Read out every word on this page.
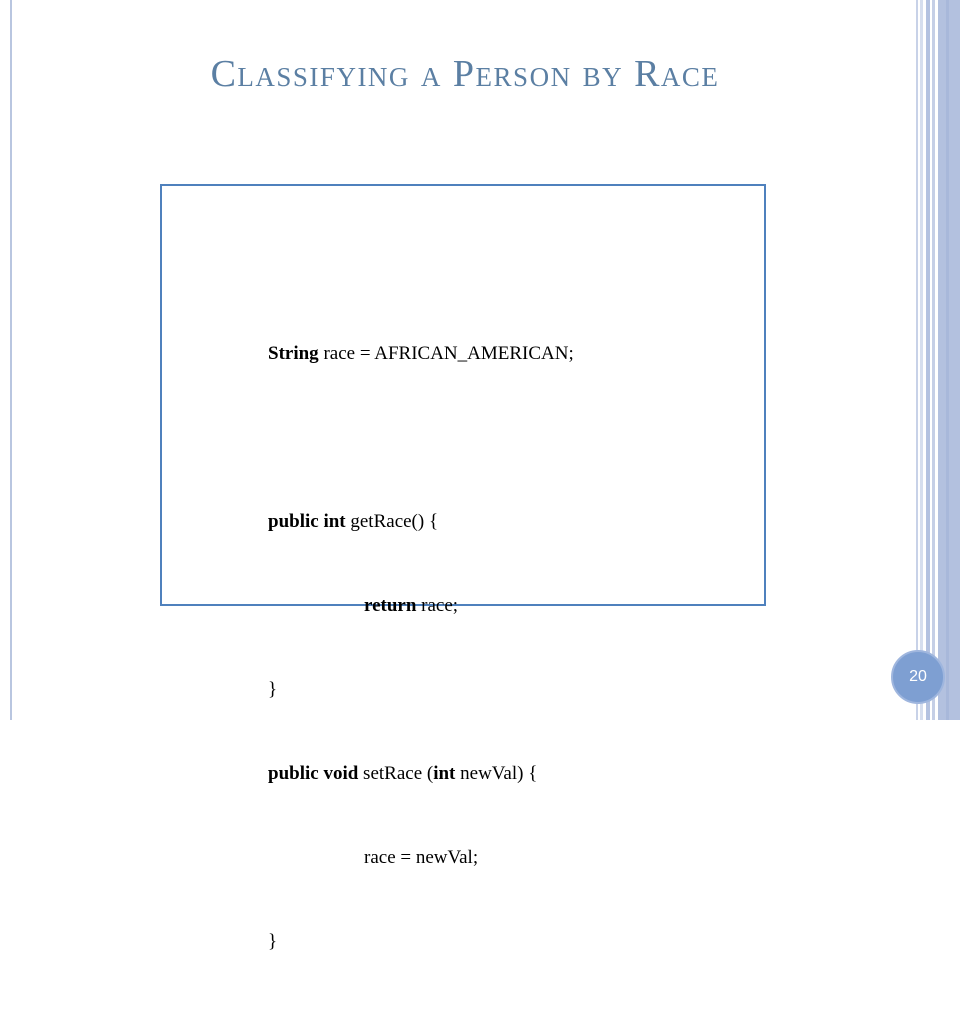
Classifying a Person by Race

String race = AFRICAN_AMERICAN;

public int getRace() {

return race;

}

public void setRace (int newVal) {

race = newVal;

}

20
